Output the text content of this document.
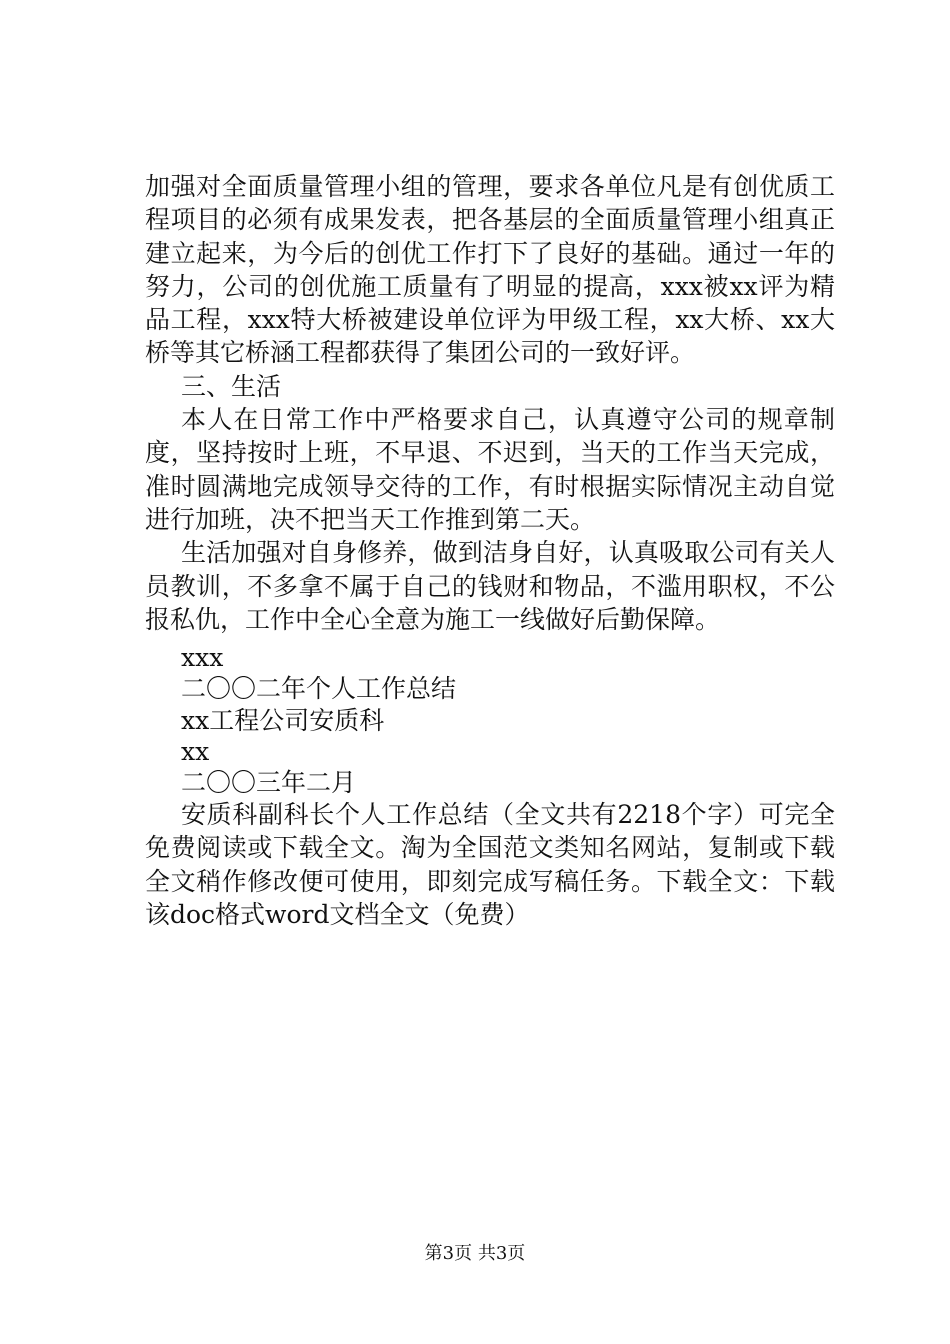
加强对全面质量管理小组的管理，要求各单位凡是有创优质工程项目的必须有成果发表，把各基层的全面质量管理小组真正建立起来，为今后的创优工作打下了良好的基础。通过一年的努力，公司的创优施工质量有了明显的提高，xxx被xx评为精品工程，xxx特大桥被建设单位评为甲级工程，xx大桥、xx大桥等其它桥涵工程都获得了集团公司的一致好评。

三、生活

本人在日常工作中严格要求自己，认真遵守公司的规章制度，坚持按时上班，不早退、不迟到，当天的工作当天完成，准时圆满地完成领导交待的工作，有时根据实际情况主动自觉进行加班，决不把当天工作推到第二天。

生活加强对自身修养，做到洁身自好，认真吸取公司有关人员教训，不多拿不属于自己的钱财和物品，不滥用职权，不公报私仇，工作中全心全意为施工一线做好后勤保障。

xxx
二〇〇二年个人工作总结
xx工程公司安质科
xx
二〇〇三年二月

安质科副科长个人工作总结（全文共有2218个字）可完全免费阅读或下载全文。淘为全国范文类知名网站，复制或下载全文稍作修改便可使用，即刻完成写稿任务。下载全文：下载该doc格式word文档全文（免费）

第3页 共3页
